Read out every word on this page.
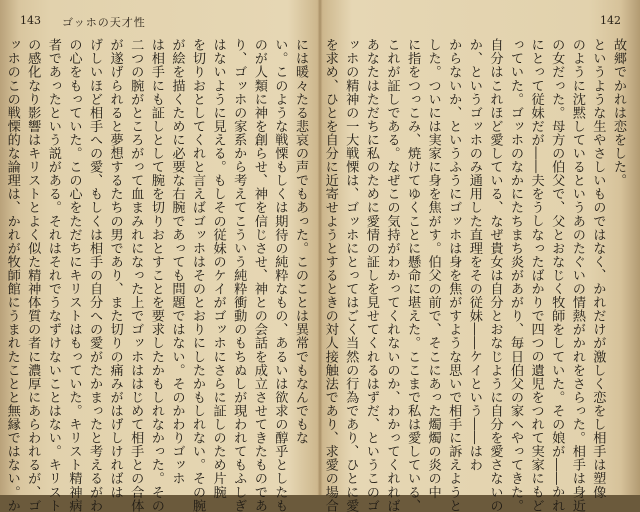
143 ゴッホの天才性

には暖々たる悲哀の声でもあった。このことは異常でもなんでもな

い。このような戦慄もしくは期待の純粋なもの、あるいは欲求の醇乎としたも

のが人類に神を創らせ、神を信じさせ、神との会話を成立させてきたものであ

り、ゴッホの家系から考えてこういう純粋衝動のもちぬしが現われてもふしぎ

はないように見える。もしその従妹のケイがゴッホにさらに証しのため片腕

を切りおとしてくれと言えばゴッホはそのとおりにしたかもしれない。その腕

が絵を描くために必要な右腕であっても問題ではない。そのかわりゴッホ

は相手にも証しとして腕を切りおとすことを要求したかもしれなかった。その

二つの腕がところがって血まみれになった上でゴッホははじめて相手との合体

が遂げられると夢想するたちの男であり、また切りの痛みがはげしければは

げしいほど相手への愛、もしくは相手の自分への愛がたかまったと考えるがわ

の心をもっていた。この心をただちにキリストはもっていた。キリスト精神病

者であったという説がある。それはそれでうなずけないことはない。キリスト

の感化なり影響はキリストとよく似た精神体質の者に濃厚にあらわれるが、ゴ

ッホのこの戦慄的な論理は、かれが牧師館にうまれたことと無縁ではない。か

142

故郷でかれは恋をした。

というような生やさしいものではなく、かれだけが激しく恋をし相手は塑像

のように沈黙しているというあのたぐいの情熱がかれをさらった。相手は身近

の女だった。母方の伯父で、父とおなじく牧師をしていた。その娘が――かれ

にとって従妹だが――夫をうしなったばかりで四つの遺児をつれて実家にもど

っていた。ゴッホのなかにたちまち炎があがり、毎日伯父の家へやってきた。

自分はこれほど愛している、なぜ貴女は自分とおなじように自分を愛さないの

か、というゴッホのみ通用した直理をその従妹――ケイという――はわ

からないか、というふうにゴッホは身を焦がすような思いで相手に訴えようと

した。ついには実家に身を焦がす。伯父の前で、そこにあった燭燭の炎の中

に指をつっこみ、焼けてゆくことに懸命に堪えた。ここまで私は愛している、

これが証しである。なぜこの気持がわかってくれないのか、わかってくれれば

あなたはただちに私のために愛情の証しを見せてくれるはずだ、というこのゴ

ッホの精神の一大戦慄は、ゴッホにとってはごく当然の行為であり、ひとに愛

を求め、ひとを自分に近寄せようとするときの対人接触法であり、求愛の場合
